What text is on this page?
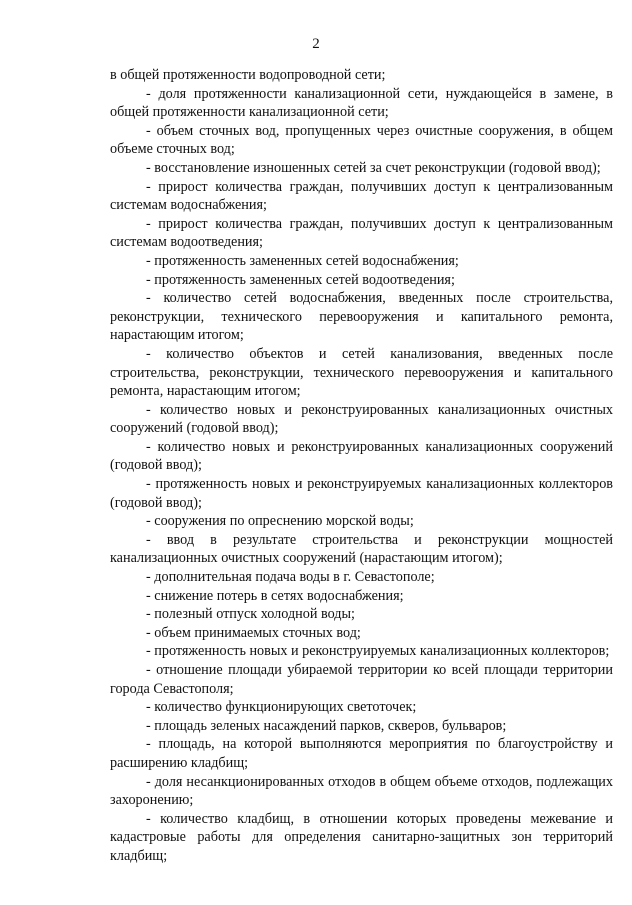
2

в общей протяженности водопроводной сети;

- доля протяженности канализационной сети, нуждающейся в замене, в общей протяженности канализационной сети;

- объем сточных вод, пропущенных через очистные сооружения, в общем объеме сточных вод;

- восстановление изношенных сетей за счет реконструкции (годовой ввод);

- прирост количества граждан, получивших доступ к централизованным системам водоснабжения;

- прирост количества граждан, получивших доступ к централизованным системам водоотведения;

- протяженность замененных сетей водоснабжения;

- протяженность замененных сетей водоотведения;

- количество сетей водоснабжения, введенных после строительства, реконструкции, технического перевооружения и капитального ремонта, нарастающим итогом;

- количество объектов и сетей канализования, введенных после строительства, реконструкции, технического перевооружения и капитального ремонта, нарастающим итогом;

- количество новых и реконструированных канализационных очистных сооружений (годовой ввод);

- количество новых и реконструированных канализационных сооружений (годовой ввод);

- протяженность новых и реконструируемых канализационных коллекторов (годовой ввод);

- сооружения по опреснению морской воды;

- ввод в результате строительства и реконструкции мощностей канализационных очистных сооружений (нарастающим итогом);

- дополнительная подача воды в г. Севастополе;

- снижение потерь в сетях водоснабжения;

- полезный отпуск холодной воды;

- объем принимаемых сточных вод;

- протяженность новых и реконструируемых канализационных коллекторов;

- отношение площади убираемой территории ко всей площади территории города Севастополя;

- количество функционирующих светоточек;

- площадь зеленых насаждений парков, скверов, бульваров;

- площадь, на которой выполняются мероприятия по благоустройству и расширению кладбищ;

- доля несанкционированных отходов в общем объеме отходов, подлежащих захоронению;

- количество кладбищ, в отношении которых проведены межевание и кадастровые работы для определения санитарно-защитных зон территорий кладбищ;
